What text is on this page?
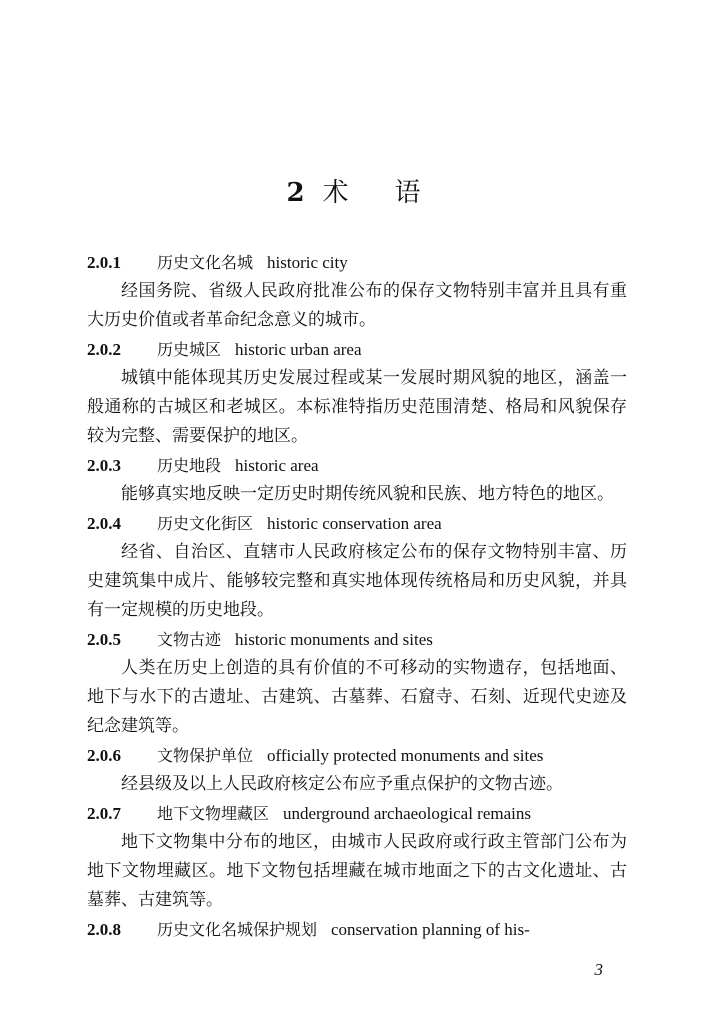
2 术 语
2.0.1 历史文化名城 historic city

经国务院、省级人民政府批准公布的保存文物特别丰富并且具有重大历史价值或者革命纪念意义的城市。

2.0.2 历史城区 historic urban area

城镇中能体现其历史发展过程或某一发展时期风貌的地区，涵盖一般通称的古城区和老城区。本标准特指历史范围清楚、格局和风貌保存较为完整、需要保护的地区。

2.0.3 历史地段 historic area

能够真实地反映一定历史时期传统风貌和民族、地方特色的地区。

2.0.4 历史文化街区 historic conservation area

经省、自治区、直辖市人民政府核定公布的保存文物特别丰富、历史建筑集中成片、能够较完整和真实地体现传统格局和历史风貌，并具有一定规模的历史地段。

2.0.5 文物古迹 historic monuments and sites

人类在历史上创造的具有价值的不可移动的实物遗存，包括地面、地下与水下的古遗址、古建筑、古墓葬、石窟寺、石刻、近现代史迹及纪念建筑等。

2.0.6 文物保护单位 officially protected monuments and sites

经县级及以上人民政府核定公布应予重点保护的文物古迹。

2.0.7 地下文物埋藏区 underground archaeological remains

地下文物集中分布的地区，由城市人民政府或行政主管部门公布为地下文物埋藏区。地下文物包括埋藏在城市地面之下的古文化遗址、古墓葬、古建筑等。

2.0.8 历史文化名城保护规划 conservation planning of his-
3
